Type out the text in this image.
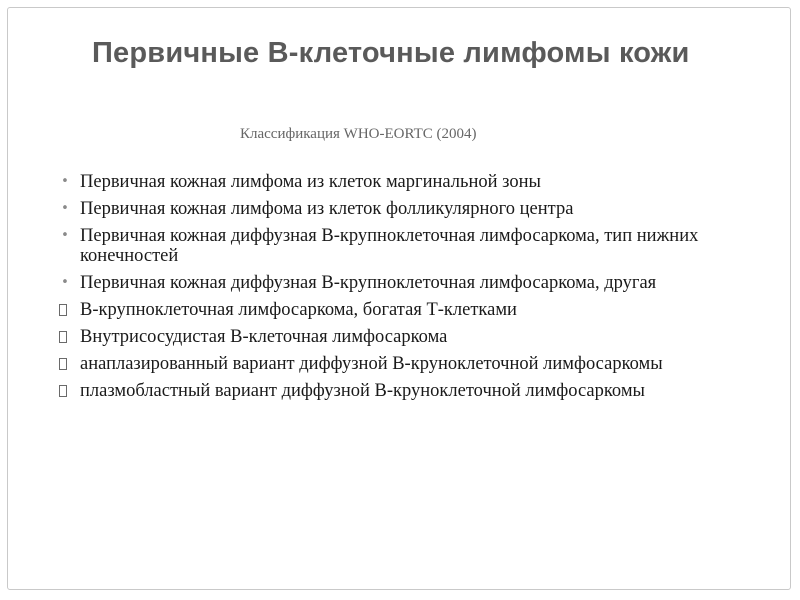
Первичные В-клеточные лимфомы кожи

Классификация WHO-EORTC (2004)

• Первичная кожная лимфома из клеток маргинальной зоны
• Первичная кожная лимфома из клеток фолликулярного центра
• Первичная кожная диффузная В-крупноклеточная лимфосаркома, тип нижних конечностей
• Первичная кожная диффузная В-крупноклеточная лимфосаркома, другая
В-крупноклеточная лимфосаркома, богатая Т-клетками
Внутрисосудистая В-клеточная лимфосаркома
анаплазированный вариант диффузной В-круноклеточной лимфосаркомы
плазмобластный вариант диффузной В-круноклеточной лимфосаркомы
